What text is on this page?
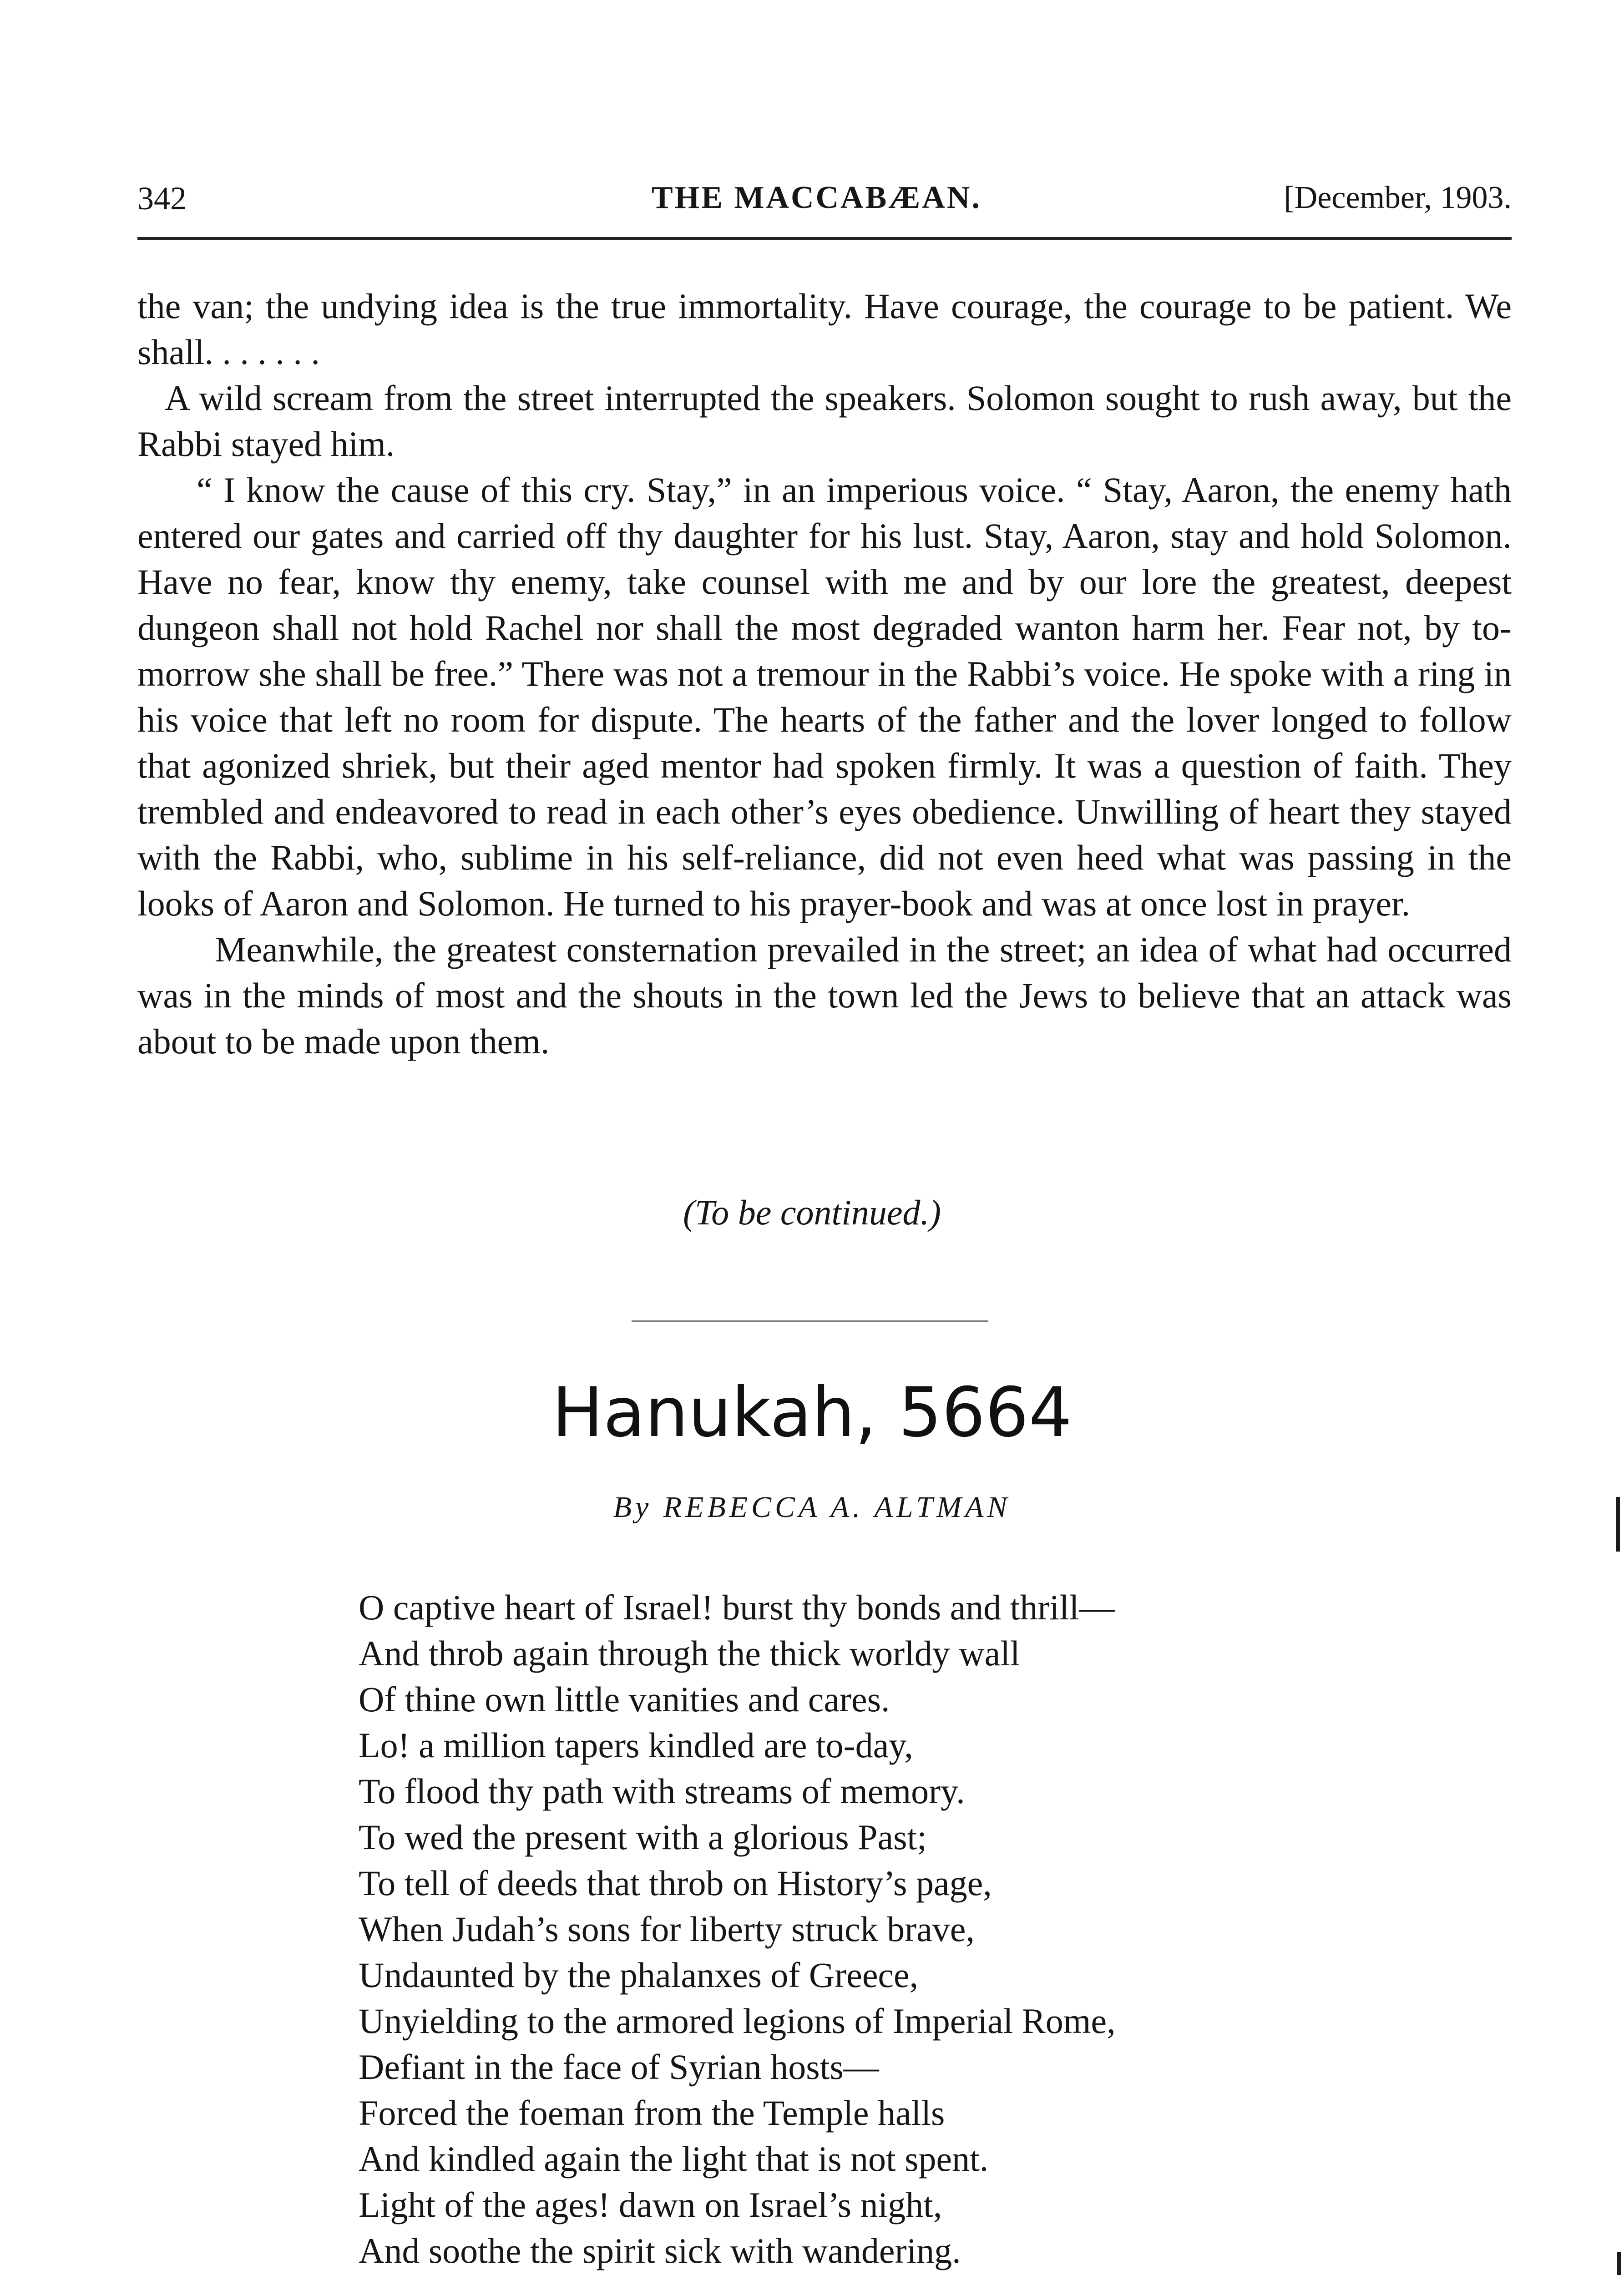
342	THE MACCABÆAN.	[December, 1903.

the van; the undying idea is the true immortality. Have courage, the courage to be patient. We shall. . . . . . .

A wild scream from the street interrupted the speakers. Solomon sought to rush away, but the Rabbi stayed him.

“ I know the cause of this cry. Stay,” in an imperious voice. “ Stay, Aaron, the enemy hath entered our gates and carried off thy daughter for his lust. Stay, Aaron, stay and hold Solomon. Have no fear, know thy enemy, take counsel with me and by our lore the greatest, deepest dungeon shall not hold Rachel nor shall the most degraded wanton harm her. Fear not, by to-morrow she shall be free.” There was not a tremour in the Rabbi’s voice. He spoke with a ring in his voice that left no room for dispute. The hearts of the father and the lover longed to follow that agonized shriek, but their aged mentor had spoken firmly. It was a question of faith. They trembled and endeavored to read in each other’s eyes obedience. Unwilling of heart they stayed with the Rabbi, who, sublime in his self-reliance, did not even heed what was passing in the looks of Aaron and Solomon. He turned to his prayer-book and was at once lost in prayer.

Meanwhile, the greatest consternation prevailed in the street; an idea of what had occurred was in the minds of most and the shouts in the town led the Jews to believe that an attack was about to be made upon them.

(To be continued.)
Hanukah, 5664
By REBECCA A. ALTMAN
O captive heart of Israel! burst thy bonds and thrill—
And throb again through the thick worldy wall
Of thine own little vanities and cares.
Lo! a million tapers kindled are to-day,
To flood thy path with streams of memory.
To wed the present with a glorious Past;
To tell of deeds that throb on History’s page,
When Judah’s sons for liberty struck brave,
Undaunted by the phalanxes of Greece,
Unyielding to the armored legions of Imperial Rome,
Defiant in the face of Syrian hosts—
Forced the foeman from the Temple halls
And kindled again the light that is not spent.
Light of the ages! dawn on Israel’s night,
And soothe the spirit sick with wandering.
